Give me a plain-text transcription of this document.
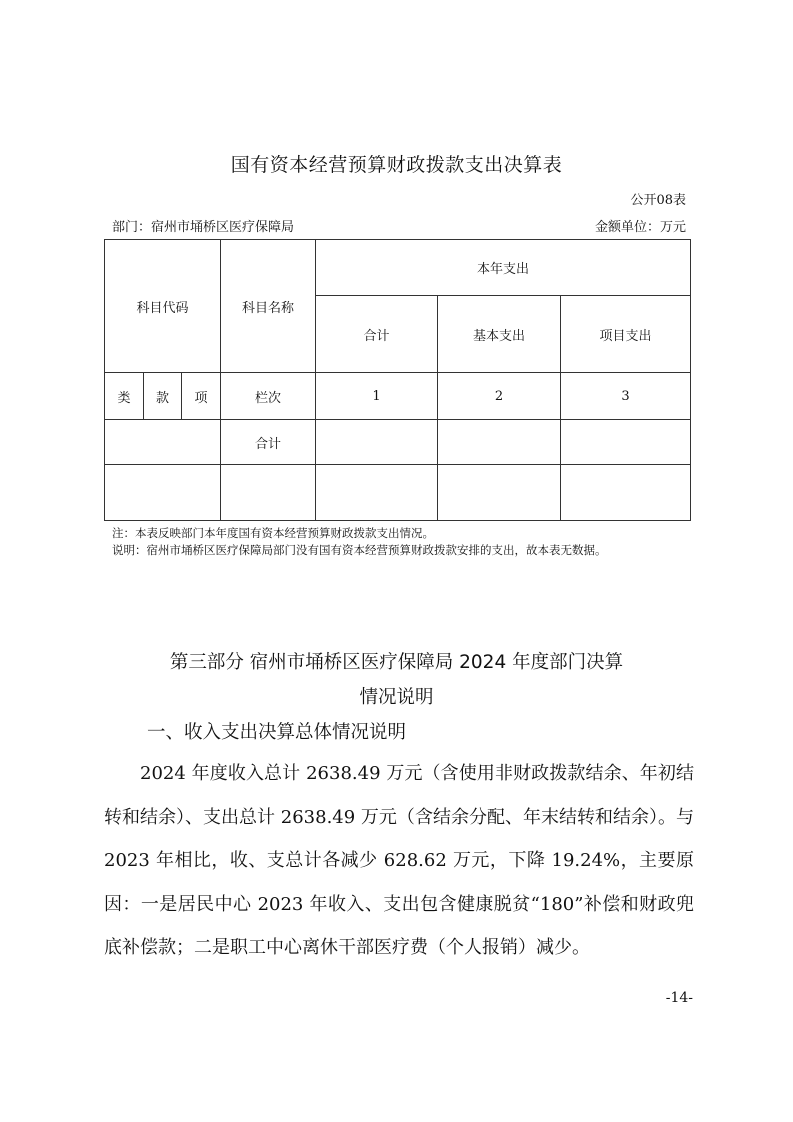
国有资本经营预算财政拨款支出决算表
公开08表
部门：宿州市埇桥区医疗保障局	金额单位：万元
科目代码			科目名称	本年支出		
				合计	基本支出	项目支出
类	款	项	栏次	1	2	3
			合计			

注：本表反映部门本年度国有资本经营预算财政拨款支出情况。
说明：宿州市埇桥区医疗保障局部门没有国有资本经营预算财政拨款安排的支出，故本表无数据。
第三部分 宿州市埇桥区医疗保障局 2024 年度部门决算
情况说明
一、收入支出决算总体情况说明

2024 年度收入总计 2638.49 万元（含使用非财政拨款结余、年初结转和结余）、支出总计 2638.49 万元（含结余分配、年末结转和结余）。与 2023 年相比，收、支总计各减少 628.62 万元，下降 19.24%，主要原因：一是居民中心 2023 年收入、支出包含健康脱贫“180”补偿和财政兜底补偿款；二是职工中心离休干部医疗费（个人报销）减少。

-14-
